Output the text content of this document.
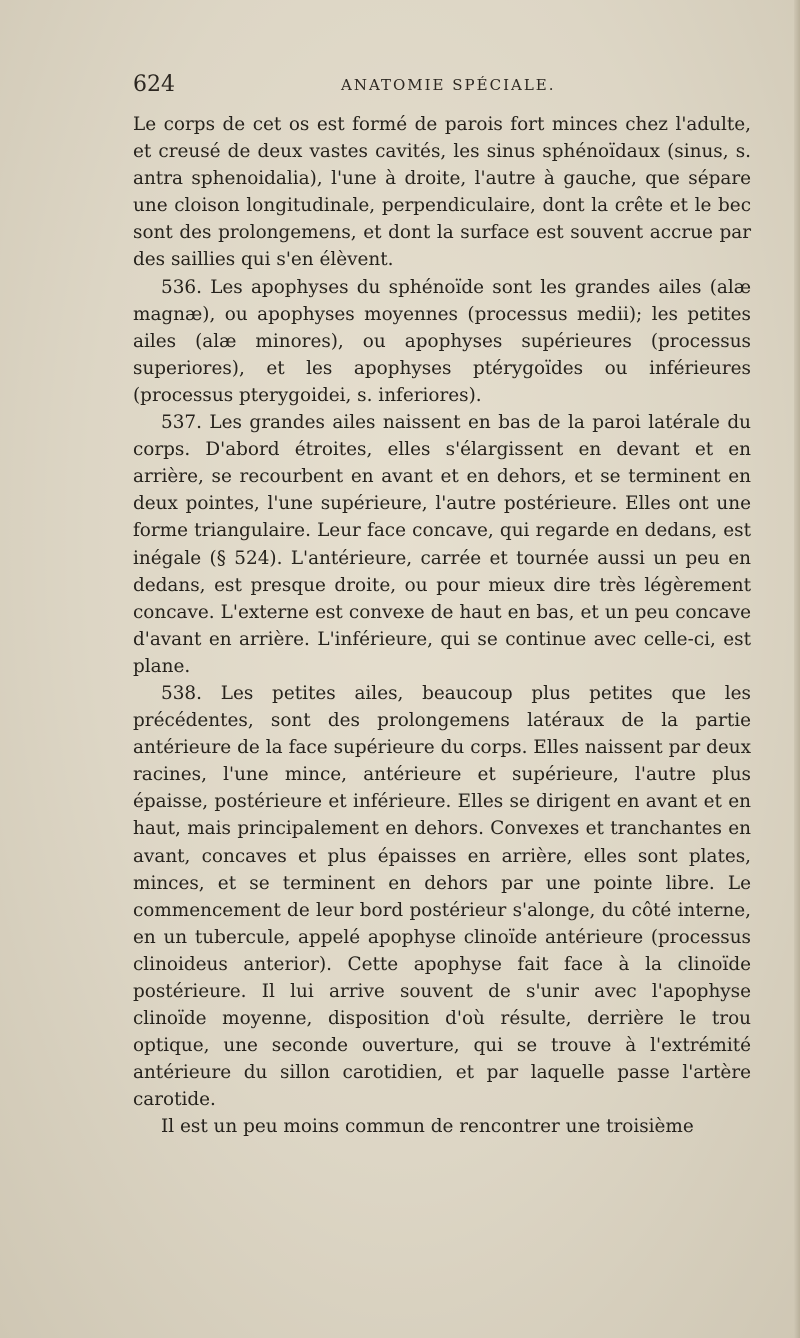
624	ANATOMIE SPÉCIALE.

Le corps de cet os est formé de parois fort minces chez l'adulte, et creusé de deux vastes cavités, les sinus sphénoïdaux (sinus, s. antra sphenoidalia), l'une à droite, l'autre à gauche, que sépare une cloison longitudinale, perpendiculaire, dont la crête et le bec sont des prolongemens, et dont la surface est souvent accrue par des saillies qui s'en élèvent.

536. Les apophyses du sphénoïde sont les grandes ailes (alæ magnæ), ou apophyses moyennes (processus medii); les petites ailes (alæ minores), ou apophyses supérieures (processus superiores), et les apophyses ptérygoïdes ou inférieures (processus pterygoidei, s. inferiores).

537. Les grandes ailes naissent en bas de la paroi latérale du corps. D'abord étroites, elles s'élargissent en devant et en arrière, se recourbent en avant et en dehors, et se terminent en deux pointes, l'une supérieure, l'autre postérieure. Elles ont une forme triangulaire. Leur face concave, qui regarde en dedans, est inégale (§ 524). L'antérieure, carrée et tournée aussi un peu en dedans, est presque droite, ou pour mieux dire très légèrement concave. L'externe est convexe de haut en bas, et un peu concave d'avant en arrière. L'inférieure, qui se continue avec celle-ci, est plane.

538. Les petites ailes, beaucoup plus petites que les précédentes, sont des prolongemens latéraux de la partie antérieure de la face supérieure du corps. Elles naissent par deux racines, l'une mince, antérieure et supérieure, l'autre plus épaisse, postérieure et inférieure. Elles se dirigent en avant et en haut, mais principalement en dehors. Convexes et tranchantes en avant, concaves et plus épaisses en arrière, elles sont plates, minces, et se terminent en dehors par une pointe libre. Le commencement de leur bord postérieur s'alonge, du côté interne, en un tubercule, appelé apophyse clinoïde antérieure (processus clinoideus anterior). Cette apophyse fait face à la clinoïde postérieure. Il lui arrive souvent de s'unir avec l'apophyse clinoïde moyenne, disposition d'où résulte, derrière le trou optique, une seconde ouverture, qui se trouve à l'extrémité antérieure du sillon carotidien, et par laquelle passe l'artère carotide.

Il est un peu moins commun de rencontrer une troisième
